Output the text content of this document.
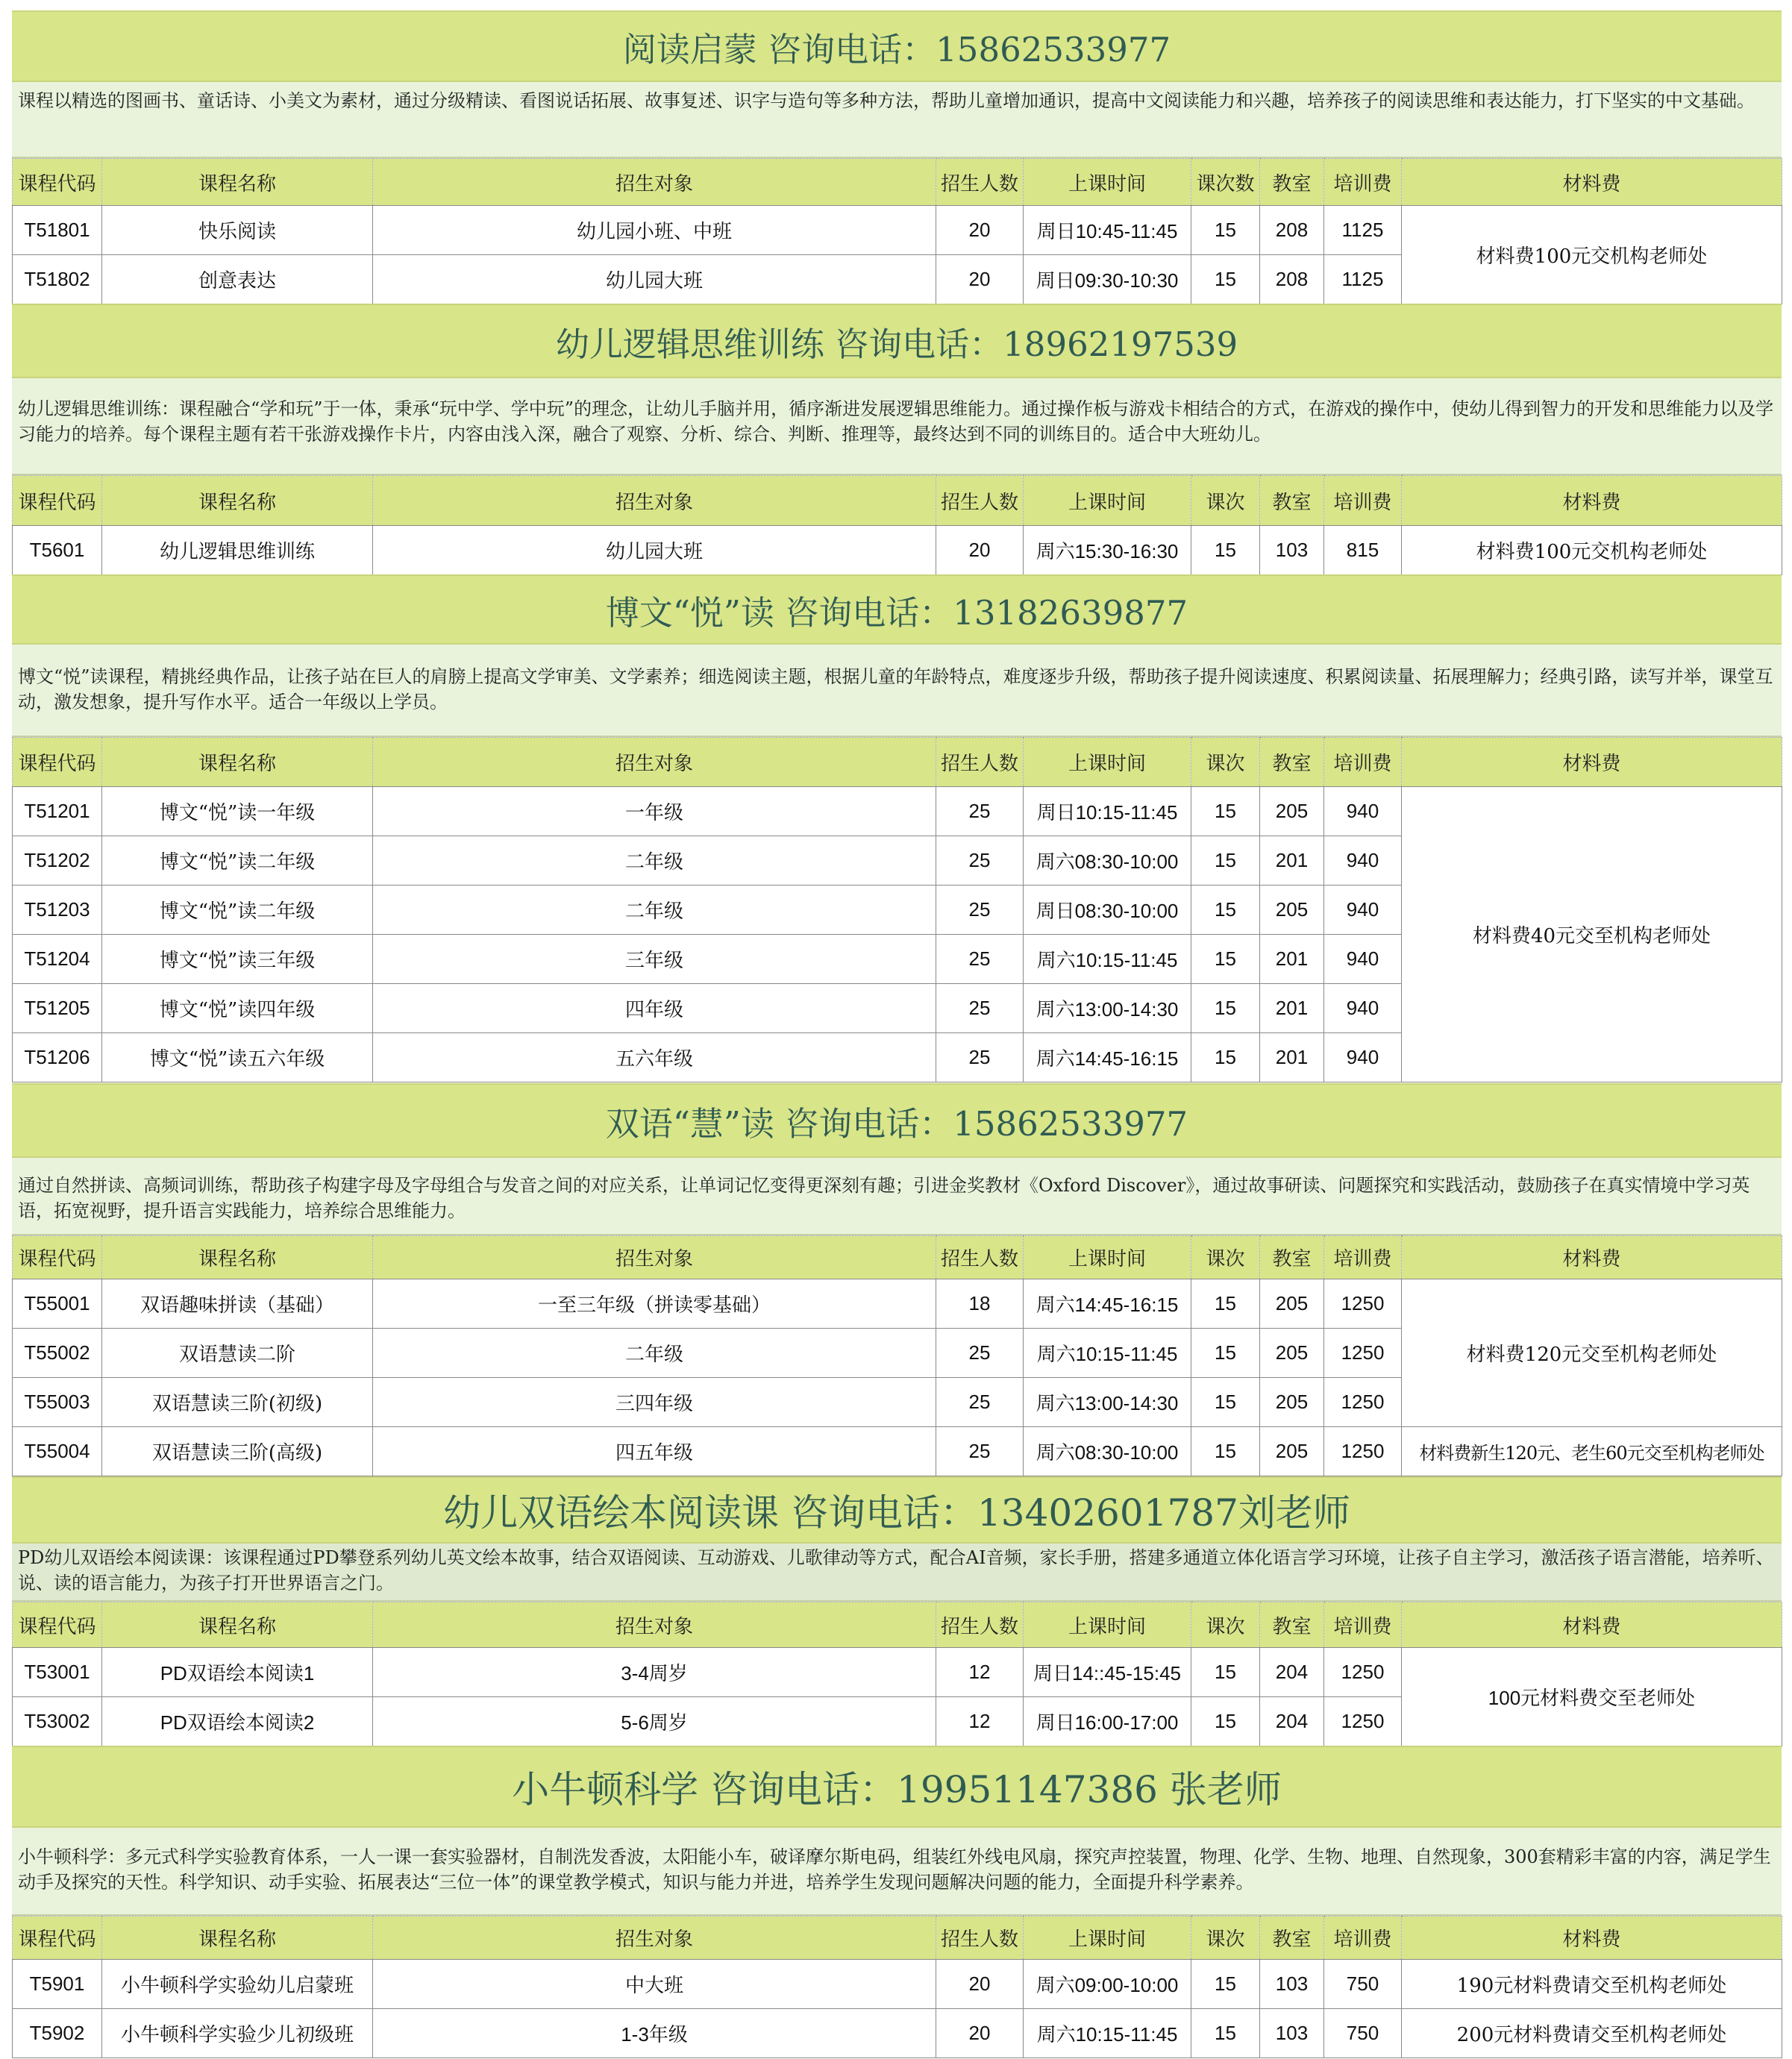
阅读启蒙 咨询电话：15862533977
课程以精选的图画书、童话诗、小美文为素材，通过分级精读、看图说话拓展、故事复述、识字与造句等多种方法，帮助儿童增加通识，提高中文阅读能力和兴趣，培养孩子的阅读思维和表达能力，打下坚实的中文基础。
课程代码	课程名称	招生对象	招生人数	上课时间	课次数	教室	培训费	材料费
T51801	快乐阅读	幼儿园小班、中班	20	周日10:45-11:45	15	208	1125	材料费100元交机构老师处
T51802	创意表达	幼儿园大班	20	周日09:30-10:30	15	208	1125	
幼儿逻辑思维训练 咨询电话：18962197539
幼儿逻辑思维训练：课程融合“学和玩”于一体，秉承“玩中学、学中玩”的理念，让幼儿手脑并用，循序渐进发展逻辑思维能力。通过操作板与游戏卡相结合的方式，在游戏的操作中，使幼儿得到智力的开发和思维能力以及学习能力的培养。每个课程主题有若干张游戏操作卡片，内容由浅入深，融合了观察、分析、综合、判断、推理等，最终达到不同的训练目的。适合中大班幼儿。
课程代码	课程名称	招生对象	招生人数	上课时间	课次	教室	培训费	材料费
T5601	幼儿逻辑思维训练	幼儿园大班	20	周六15:30-16:30	15	103	815	材料费100元交机构老师处
博文“悦”读 咨询电话：13182639877
博文“悦”读课程，精挑经典作品，让孩子站在巨人的肩膀上提高文学审美、文学素养；细选阅读主题，根据儿童的年龄特点，难度逐步升级，帮助孩子提升阅读速度、积累阅读量、拓展理解力；经典引路，读写并举，课堂互动，激发想象，提升写作水平。适合一年级以上学员。
课程代码	课程名称	招生对象	招生人数	上课时间	课次	教室	培训费	材料费
T51201	博文“悦”读一年级	一年级	25	周日10:15-11:45	15	205	940	材料费40元交至机构老师处
T51202	博文“悦”读二年级	二年级	25	周六08:30-10:00	15	201	940	
T51203	博文“悦”读二年级	二年级	25	周日08:30-10:00	15	205	940	
T51204	博文“悦”读三年级	三年级	25	周六10:15-11:45	15	201	940	
T51205	博文“悦”读四年级	四年级	25	周六13:00-14:30	15	201	940	
T51206	博文“悦”读五六年级	五六年级	25	周六14:45-16:15	15	201	940	
双语“慧”读 咨询电话：15862533977
通过自然拼读、高频词训练，帮助孩子构建字母及字母组合与发音之间的对应关系，让单词记忆变得更深刻有趣；引进金奖教材《Oxford Discover》，通过故事研读、问题探究和实践活动，鼓励孩子在真实情境中学习英语，拓宽视野，提升语言实践能力，培养综合思维能力。
课程代码	课程名称	招生对象	招生人数	上课时间	课次	教室	培训费	材料费
T55001	双语趣味拼读（基础）	一至三年级（拼读零基础）	18	周六14:45-16:15	15	205	1250	材料费120元交至机构老师处
T55002	双语慧读二阶	二年级	25	周六10:15-11:45	15	205	1250	
T55003	双语慧读三阶(初级)	三四年级	25	周六13:00-14:30	15	205	1250	
T55004	双语慧读三阶(高级)	四五年级	25	周六08:30-10:00	15	205	1250	材料费新生120元、老生60元交至机构老师处
幼儿双语绘本阅读课 咨询电话：13402601787刘老师
PD幼儿双语绘本阅读课：该课程通过PD攀登系列幼儿英文绘本故事，结合双语阅读、互动游戏、儿歌律动等方式，配合AI音频，家长手册，搭建多通道立体化语言学习环境，让孩子自主学习，激活孩子语言潜能，培养听、说、读的语言能力，为孩子打开世界语言之门。
课程代码	课程名称	招生对象	招生人数	上课时间	课次	教室	培训费	材料费
T53001	PD双语绘本阅读1	3-4周岁	12	周日14::45-15:45	15	204	1250	100元材料费交至老师处
T53002	PD双语绘本阅读2	5-6周岁	12	周日16:00-17:00	15	204	1250	
小牛顿科学 咨询电话：19951147386 张老师
小牛顿科学：多元式科学实验教育体系，一人一课一套实验器材，自制洗发香波，太阳能小车，破译摩尔斯电码，组装红外线电风扇，探究声控装置，物理、化学、生物、地理、自然现象，300套精彩丰富的内容，满足学生动手及探究的天性。科学知识、动手实验、拓展表达“三位一体”的课堂教学模式，知识与能力并进，培养学生发现问题解决问题的能力，全面提升科学素养。
课程代码	课程名称	招生对象	招生人数	上课时间	课次	教室	培训费	材料费
T5901	小牛顿科学实验幼儿启蒙班	中大班	20	周六09:00-10:00	15	103	750	190元材料费请交至机构老师处
T5902	小牛顿科学实验少儿初级班	1-3年级	20	周六10:15-11:45	15	103	750	200元材料费请交至机构老师处
